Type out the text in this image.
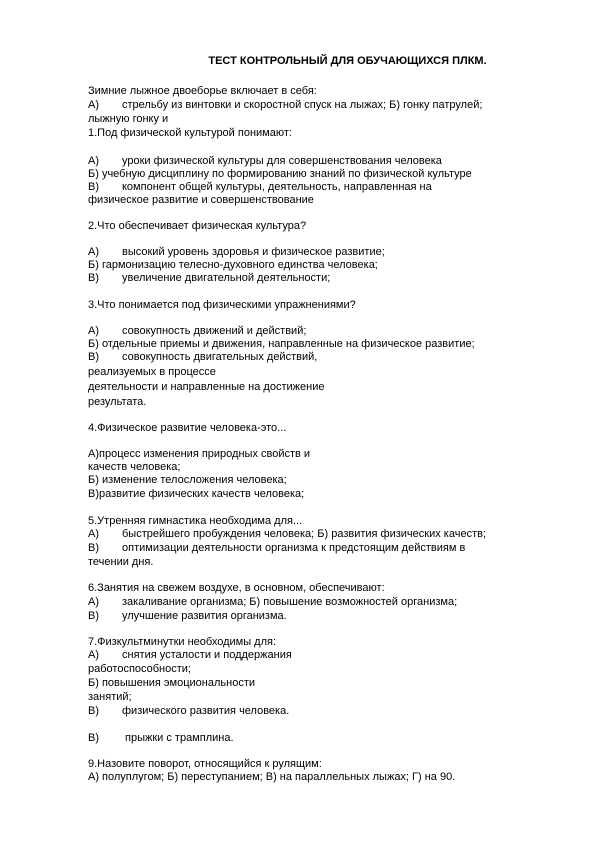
ТЕСТ КОНТРОЛЬНЫЙ ДЛЯ ОБУЧАЮЩИХСЯ ПЛКМ.
Зимние лыжное двоеборье включает в себя:
А) стрельбу из винтовки и скоростной спуск на лыжах; Б) гонку патрулей;
лыжную гонку и
1.Под физической культурой понимают:
А) уроки физической культуры для совершенствования человека
Б) учебную дисциплину по формированию знаний по физической культуре
В) компонент общей культуры, деятельность, направленная на
физическое развитие и совершенствование
2.Что обеспечивает физическая культура?
А) высокий уровень здоровья и физическое развитие;
Б) гармонизацию телесно-духовного единства человека;
В) увеличение двигательной деятельности;
3.Что понимается под физическими упражнениями?
А) совокупность движений и действий;
Б) отдельные приемы и движения, направленные на физическое развитие;
В) совокупность двигательных действий,
реализуемых в процессе
деятельности и направленные на достижение
результата.
4.Физическое развитие человека-это...
А)процесс изменения природных свойств и
качеств человека;
Б) изменение телосложения человека;
В)развитие физических качеств человека;
5.Утренняя гимнастика необходима для...
А) быстрейшего пробуждения человека; Б) развития физических качеств;
В) оптимизации деятельности организма к предстоящим действиям в
течении дня.
6.Занятия на свежем воздухе, в основном, обеспечивают:
А) закаливание организма; Б) повышение возможностей организма;
В) улучшение развития организма.
7.Физкультминутки необходимы для:
А) снятия усталости и поддержания
работоспособности;
Б) повышения эмоциональности
занятий;
В) физического развития человека.
В) прыжки с трамплина.
9.Назовите поворот, относящийся к рулящим:
А) полуплугом; Б) переступанием; В) на параллельных лыжах; Г) на 90.
